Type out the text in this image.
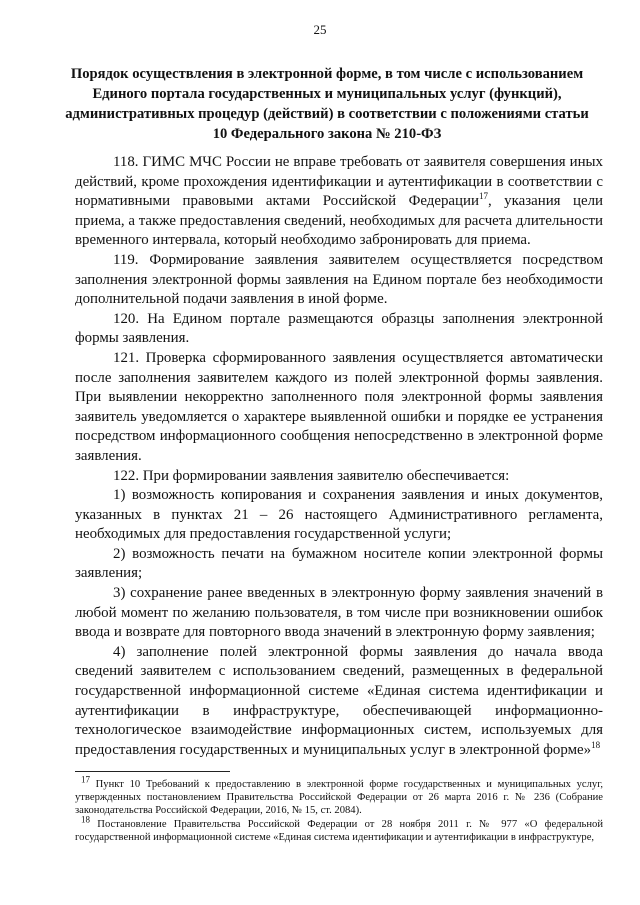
25
Порядок осуществления в электронной форме, в том числе с использованием Единого портала государственных и муниципальных услуг (функций), административных процедур (действий) в соответствии с положениями статьи 10 Федерального закона № 210-ФЗ

118. ГИМС МЧС России не вправе требовать от заявителя совершения иных действий, кроме прохождения идентификации и аутентификации в соответствии с нормативными правовыми актами Российской Федерации$^{17}$, указания цели приема, а также предоставления сведений, необходимых для расчета длительности временного интервала, который необходимо забронировать для приема.

119. Формирование заявления заявителем осуществляется посредством заполнения электронной формы заявления на Едином портале без необходимости дополнительной подачи заявления в иной форме.

120. На Едином портале размещаются образцы заполнения электронной формы заявления.

121. Проверка сформированного заявления осуществляется автоматически после заполнения заявителем каждого из полей электронной формы заявления. При выявлении некорректно заполненного поля электронной формы заявления заявитель уведомляется о характере выявленной ошибки и порядке ее устранения посредством информационного сообщения непосредственно в электронной форме заявления.

122. При формировании заявления заявителю обеспечивается:

1) возможность копирования и сохранения заявления и иных документов, указанных в пунктах 21 – 26 настоящего Административного регламента, необходимых для предоставления государственной услуги;

2) возможность печати на бумажном носителе копии электронной формы заявления;

3) сохранение ранее введенных в электронную форму заявления значений в любой момент по желанию пользователя, в том числе при возникновении ошибок ввода и возврате для повторного ввода значений в электронную форму заявления;

4) заполнение полей электронной формы заявления до начала ввода сведений заявителем с использованием сведений, размещенных в федеральной государственной информационной системе «Единая система идентификации и аутентификации в инфраструктуре, обеспечивающей информационно-технологическое взаимодействие информационных систем, используемых для предоставления государственных и муниципальных услуг в электронной форме»$^{18}$

$^{17}$ Пункт 10 Требований к предоставлению в электронной форме государственных и муниципальных услуг, утвержденных постановлением Правительства Российской Федерации от 26 марта 2016 г. № 236 (Собрание законодательства Российской Федерации, 2016, № 15, ст. 2084).

$^{18}$ Постановление Правительства Российской Федерации от 28 ноября 2011 г. № 977 «О федеральной государственной информационной системе «Единая система идентификации и аутентификации в инфраструктуре,
